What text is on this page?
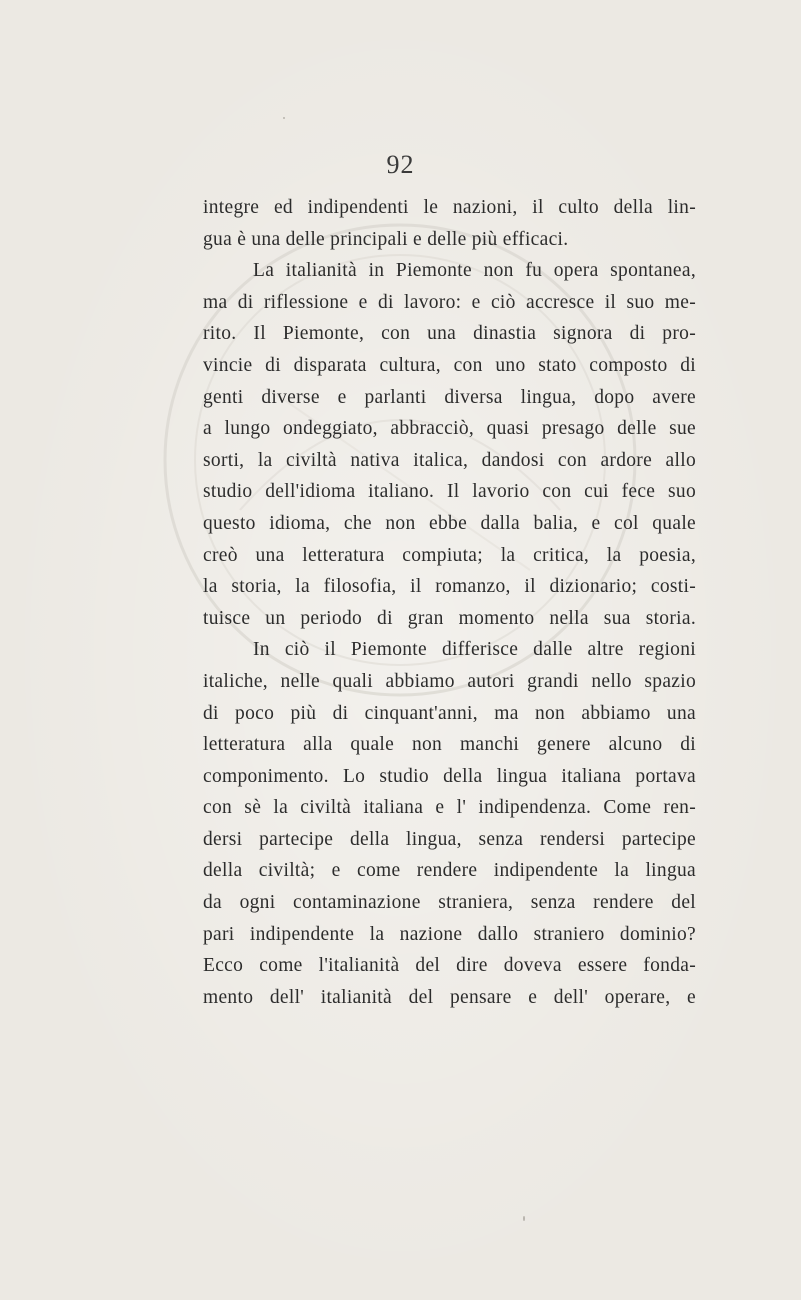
92
integre ed indipendenti le nazioni, il culto della lin-
gua è una delle principali e delle più efficaci.
La italianità in Piemonte non fu opera spontanea,
ma di riflessione e di lavoro: e ciò accresce il suo me-
rito. Il Piemonte, con una dinastia signora di pro-
vincie di disparata cultura, con uno stato composto di
genti diverse e parlanti diversa lingua, dopo avere
a lungo ondeggiato, abbracciò, quasi presago delle sue
sorti, la civiltà nativa italica, dandosi con ardore allo
studio dell'idioma italiano. Il lavorio con cui fece suo
questo idioma, che non ebbe dalla balia, e col quale
creò una letteratura compiuta; la critica, la poesia,
la storia, la filosofia, il romanzo, il dizionario; costi-
tuisce un periodo di gran momento nella sua storia.
In ciò il Piemonte differisce dalle altre regioni
italiche, nelle quali abbiamo autori grandi nello spazio
di poco più di cinquant'anni, ma non abbiamo una
letteratura alla quale non manchi genere alcuno di
componimento. Lo studio della lingua italiana portava
con sè la civiltà italiana e l' indipendenza. Come ren-
dersi partecipe della lingua, senza rendersi partecipe
della civiltà; e come rendere indipendente la lingua
da ogni contaminazione straniera, senza rendere del
pari indipendente la nazione dallo straniero dominio?
Ecco come l'italianità del dire doveva essere fonda-
mento dell' italianità del pensare e dell' operare, e
